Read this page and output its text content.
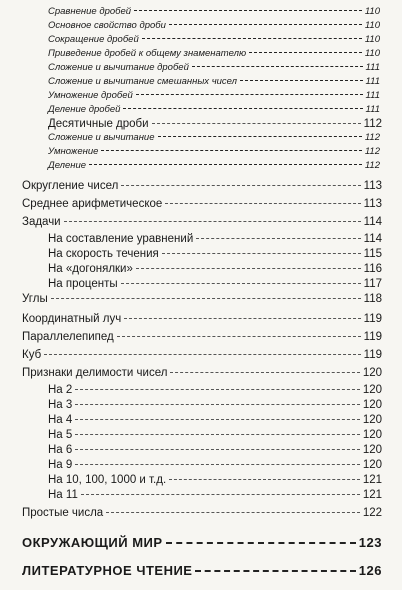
Сравнение дробей	110
Основное свойство дроби	110
Сокращение дробей	110
Приведение дробей к общему знаменателю	110
Сложение и вычитание дробей	111
Сложение и вычитание смешанных чисел	111
Умножение дробей	111
Деление дробей	111
Десятичные дроби	112
Сложение и вычитание	112
Умножение	112
Деление	112
Округление чисел	113
Среднее арифметическое	113
Задачи	114
На составление уравнений	114
На скорость течения	115
На «догонялки»	116
На проценты	117
Углы	118
Координатный луч	119
Параллелепипед	119
Куб	119
Признаки делимости чисел	120
На 2	120
На 3	120
На 4	120
На 5	120
На 6	120
На 9	120
На 10, 100, 1000 и т.д.	121
На 11	121
Простые числа	122
ОКРУЖАЮЩИЙ МИР	123
ЛИТЕРАТУРНОЕ ЧТЕНИЕ	126
